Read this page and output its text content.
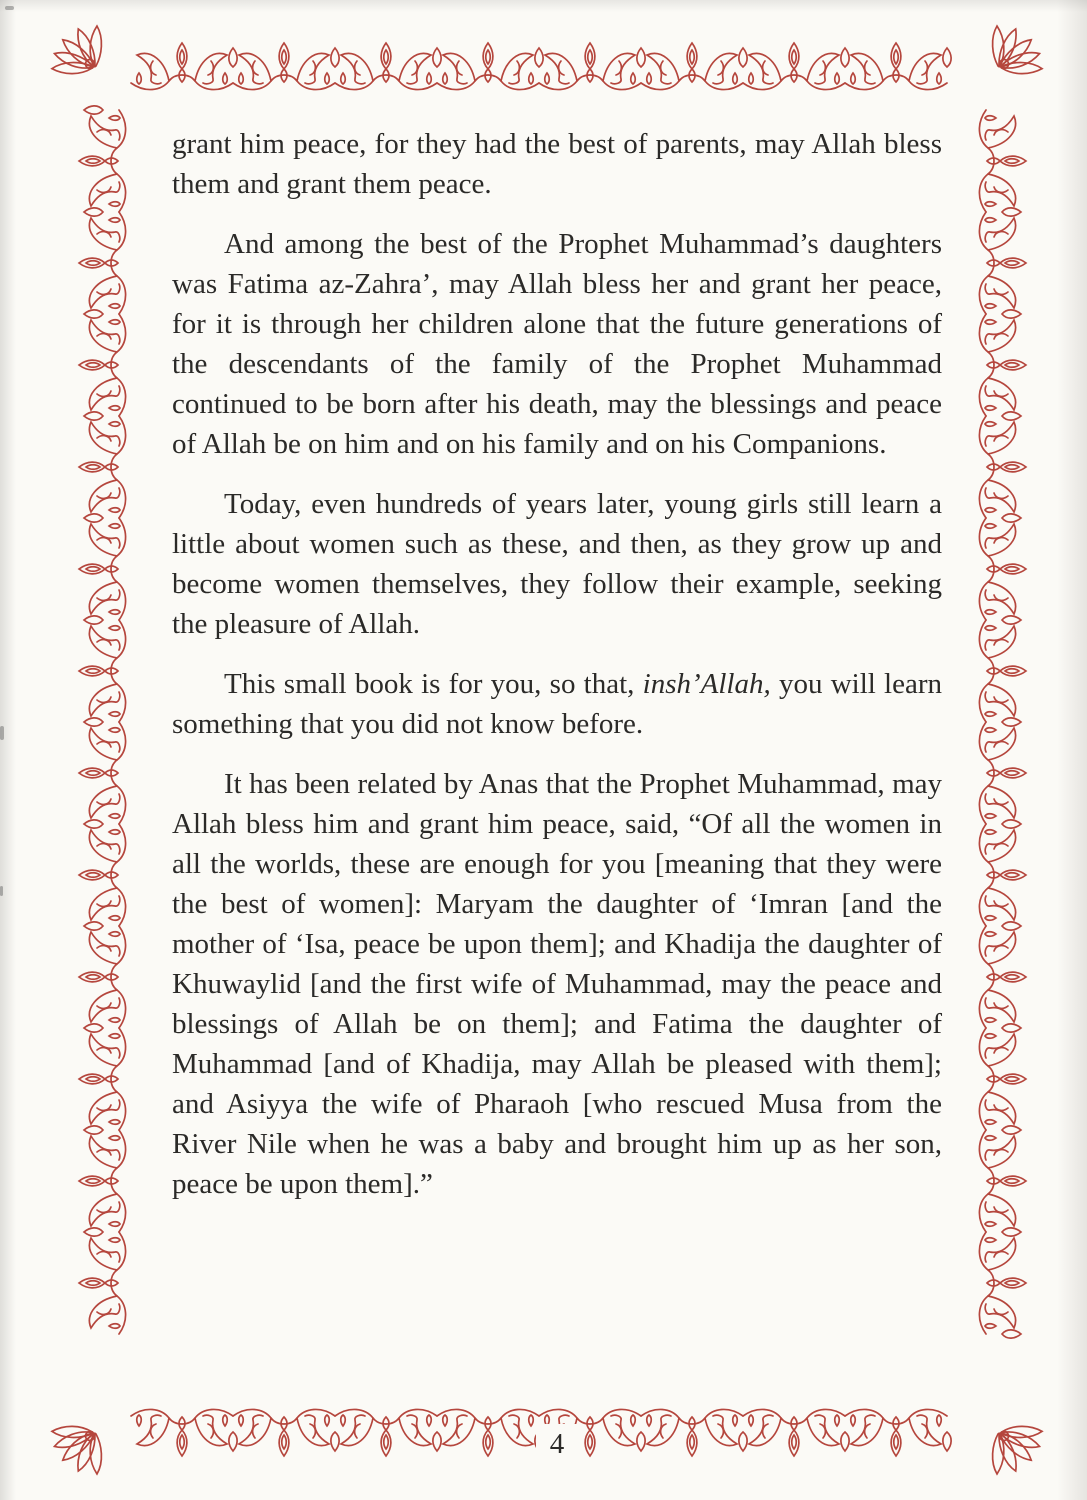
grant him peace, for they had the best of parents, may Allah bless them and grant them peace.

And among the best of the Prophet Muhammad’s daughters was Fatima az-Zahra’, may Allah bless her and grant her peace, for it is through her children alone that the future generations of the descendants of the family of the Prophet Muhammad continued to be born after his death, may the blessings and peace of Allah be on him and on his family and on his Companions.

Today, even hundreds of years later, young girls still learn a little about women such as these, and then, as they grow up and become women themselves, they follow their example, seeking the pleasure of Allah.

This small book is for you, so that, insh’Allah, you will learn something that you did not know before.

It has been related by Anas that the Prophet Muhammad, may Allah bless him and grant him peace, said, “Of all the women in all the worlds, these are enough for you [meaning that they were the best of women]: Maryam the daughter of ‘Imran [and the mother of ‘Isa, peace be upon them]; and Khadija the daughter of Khuwaylid [and the first wife of Muhammad, may the peace and blessings of Allah be on them]; and Fatima the daughter of Muhammad [and of Khadija, may Allah be pleased with them]; and Asiyya the wife of Pharaoh [who rescued Musa from the River Nile when he was a baby and brought him up as her son, peace be upon them].”

4
